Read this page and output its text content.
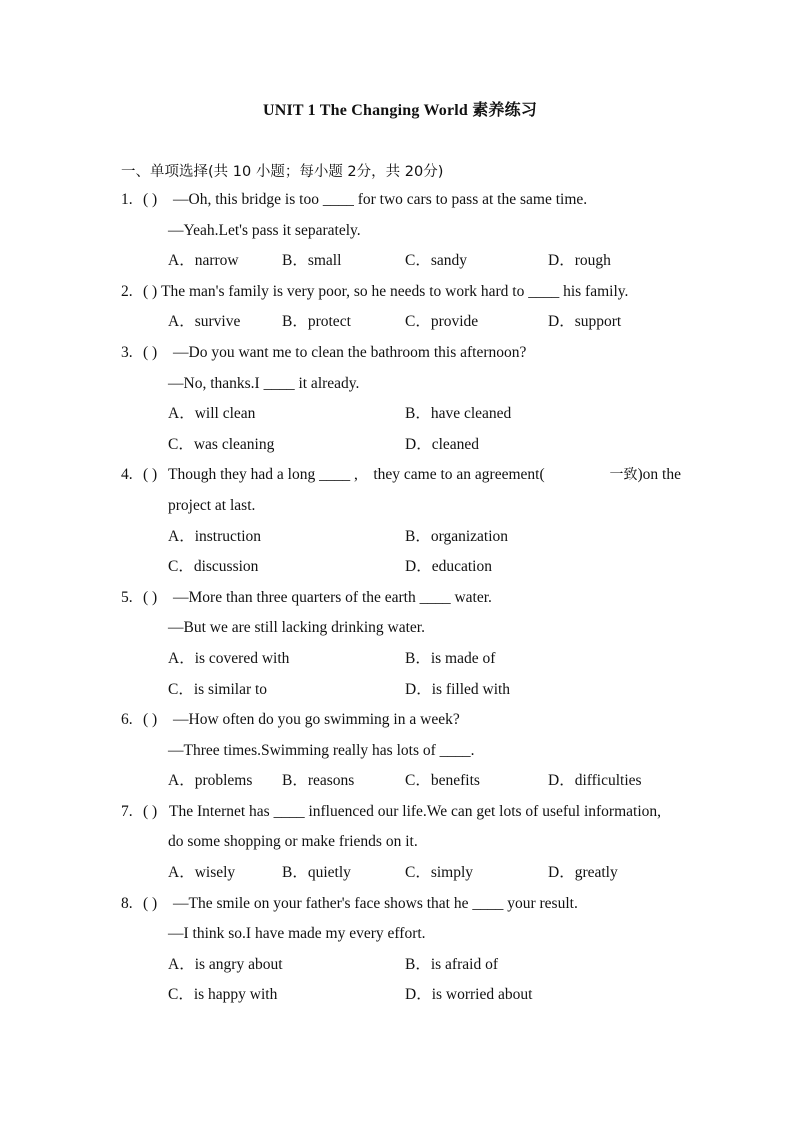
UNIT 1 The Changing World 素养练习
一、单项选择(共 10 小题；每小题 2分，共 20分)
1. ( ) —Oh, this bridge is too ____ for two cars to pass at the same time.
—Yeah.Let's pass it separately.
A．narrow	B．small	C．sandy	D．rough
2. ( ) The man's family is very poor, so he needs to work hard to ____ his family.
A．survive	B．protect	C．provide	D．support
3. ( ) —Do you want me to clean the bathroom this afternoon?
—No, thanks.I ____ it already.
A．will clean	B．have cleaned
C．was cleaning	D．cleaned
4. ( ) Though they had a long ____ ,    they came to an agreement(	一致)on the
project at last.
A．instruction	B．organization
C．discussion	D．education
5. ( ) —More than three quarters of the earth ____ water.
—But we are still lacking drinking water.
A．is covered with	B．is made of
C．is similar to	D．is filled with
6. ( ) —How often do you go swimming in a week?
—Three times.Swimming really has lots of ____.
A．problems B．reasons	C．benefits	D．difficulties
7. ( ) The Internet has ____ influenced our life.We can get lots of useful information,
do some shopping or make friends on it.
A．wisely	B．quietly	C．simply	D．greatly
8. ( ) —The smile on your father's face shows that he ____ your result.
—I think so.I have made my every effort.
A．is angry about	B．is afraid of
C．is happy with	D．is worried about
